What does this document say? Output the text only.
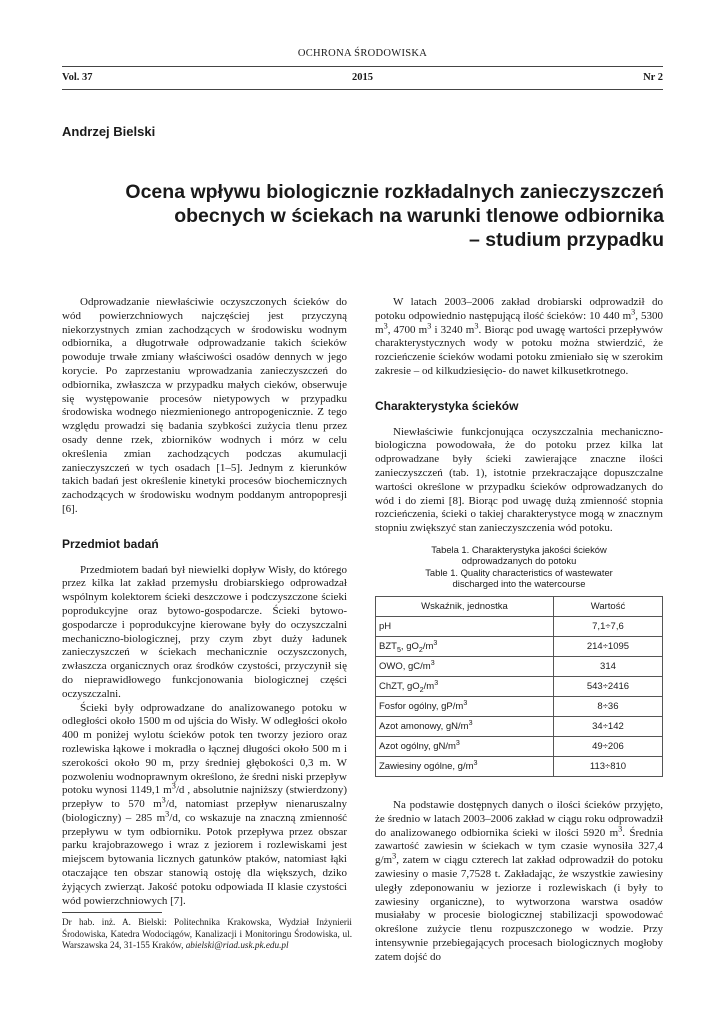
OCHRONA ŚRODOWISKA
Vol. 37	2015	Nr 2
Andrzej Bielski
Ocena wpływu biologicznie rozkładalnych zanieczyszczeń
obecnych w ściekach na warunki tlenowe odbiornika
– studium przypadku

Odprowadzanie niewłaściwie oczyszczonych ścieków do wód powierzchniowych najczęściej jest przyczyną niekorzystnych zmian zachodzących w środowisku wodnym odbiornika, a długotrwałe odprowadzanie takich ścieków powoduje trwałe zmiany właściwości osadów dennych w jego korycie. Po zaprzestaniu wprowadzania zanieczyszczeń do odbiornika, zwłaszcza w przypadku małych cieków, obserwuje się występowanie procesów nietypowych w przypadku środowiska wodnego niezmienionego antropogenicznie. Z tego względu prowadzi się badania szybkości zużycia tlenu przez osady denne rzek, zbiorników wodnych i mórz w celu określenia zmian zachodzących podczas akumulacji zanieczyszczeń w tych osadach [1–5]. Jednym z kierunków takich badań jest określenie kinetyki procesów biochemicznych zachodzących w środowisku wodnym poddanym antropopresji [6].

Przedmiot badań

Przedmiotem badań był niewielki dopływ Wisły, do którego przez kilka lat zakład przemysłu drobiarskiego odprowadzał wspólnym kolektorem ścieki deszczowe i podczyszczone ścieki poprodukcyjne oraz bytowo-gospodarcze. Ścieki bytowo-gospodarcze i poprodukcyjne kierowane były do oczyszczalni mechaniczno-biologicznej, przy czym zbyt duży ładunek zanieczyszczeń w ściekach mechanicznie oczyszczonych, zwłaszcza organicznych oraz środków czystości, przyczynił się do nieprawidłowego funkcjonowania biologicznej części oczyszczalni.

Ścieki były odprowadzane do analizowanego potoku w odległości około 1500 m od ujścia do Wisły. W odległości około 400 m poniżej wylotu ścieków potok ten tworzy jezioro oraz rozlewiska łąkowe i mokradła o łącznej długości około 500 m i szerokości około 90 m, przy średniej głębokości 0,3 m. W pozwoleniu wodnoprawnym określono, że średni niski przepływ potoku wynosi 1149,1 $m^3/d$ , absolutnie najniższy (stwierdzony) przepływ to 570 $m^3/d$, natomiast przepływ nienaruszalny (biologiczny) – 285 $m^3/d$, co wskazuje na znaczną zmienność przepływu w tym odbiorniku. Potok przepływa przez obszar parku krajobrazowego i wraz z jeziorem i rozlewiskami jest miejscem bytowania licznych gatunków ptaków, natomiast łąki otaczające ten obszar stanowią ostoję dla większych, dziko żyjących zwierząt. Jakość potoku odpowiada II klasie czystości wód powierzchniowych [7].

Dr hab. inż. A. Bielski: Politechnika Krakowska, Wydział Inżynierii Środowiska, Katedra Wodociągów, Kanalizacji i Monitoringu Środowiska, ul. Warszawska 24, 31-155 Kraków, abielski@riad.usk.pk.edu.pl

W latach 2003–2006 zakład drobiarski odprowadził do potoku odpowiednio następującą ilość ścieków: 10 440 $m^3$, 5300 $m^3$, 4700 $m^3$ i 3240 $m^3$. Biorąc pod uwagę wartości przepływów charakterystycznych wody w potoku można stwierdzić, że rozcieńczenie ścieków wodami potoku zmieniało się w szerokim zakresie – od kilkudziesięcio- do nawet kilkusetkrotnego.

Charakterystyka ścieków

Niewłaściwie funkcjonująca oczyszczalnia mechaniczno-biologiczna powodowała, że do potoku przez kilka lat odprowadzane były ścieki zawierające znaczne ilości zanieczyszczeń (tab. 1), istotnie przekraczające dopuszczalne wartości określone w przypadku ścieków odprowadzanych do wód i do ziemi [8]. Biorąc pod uwagę dużą zmienność stopnia rozcieńczenia, ścieki o takiej charakterystyce mogą w znacznym stopniu zwiększyć stan zanieczyszczenia wód potoku.

Tabela 1. Charakterystyka jakości ścieków
odprowadzanych do potoku
Table 1. Quality characteristics of wastewater
discharged into the watercourse
Wskaźnik, jednostka	Wartość
pH	7,1÷7,6
$BZT_5$, $gO_2/m^3$	214÷1095
OWO, $gC/m^3$	314
ChZT, $gO_2/m^3$	543÷2416
Fosfor ogólny, $gP/m^3$	8÷36
Azot amonowy, $gN/m^3$	34÷142
Azot ogólny, $gN/m^3$	49÷206
Zawiesiny ogólne, $g/m^3$	113÷810

Na podstawie dostępnych danych o ilości ścieków przyjęto, że średnio w latach 2003–2006 zakład w ciągu roku odprowadził do analizowanego odbiornika ścieki w ilości 5920 $m^3$. Średnia zawartość zawiesin w ściekach w tym czasie wynosiła 327,4 $g/m^3$, zatem w ciągu czterech lat zakład odprowadził do potoku zawiesiny o masie 7,7528 t. Zakładając, że wszystkie zawiesiny uległy zdeponowaniu w jeziorze i rozlewiskach (i były to zawiesiny organiczne), to wytworzona warstwa osadów musiałaby w procesie biologicznej stabilizacji spowodować określone zużycie tlenu rozpuszczonego w wodzie. Przy intensywnie przebiegających procesach biologicznych mogłoby zatem dojść do
